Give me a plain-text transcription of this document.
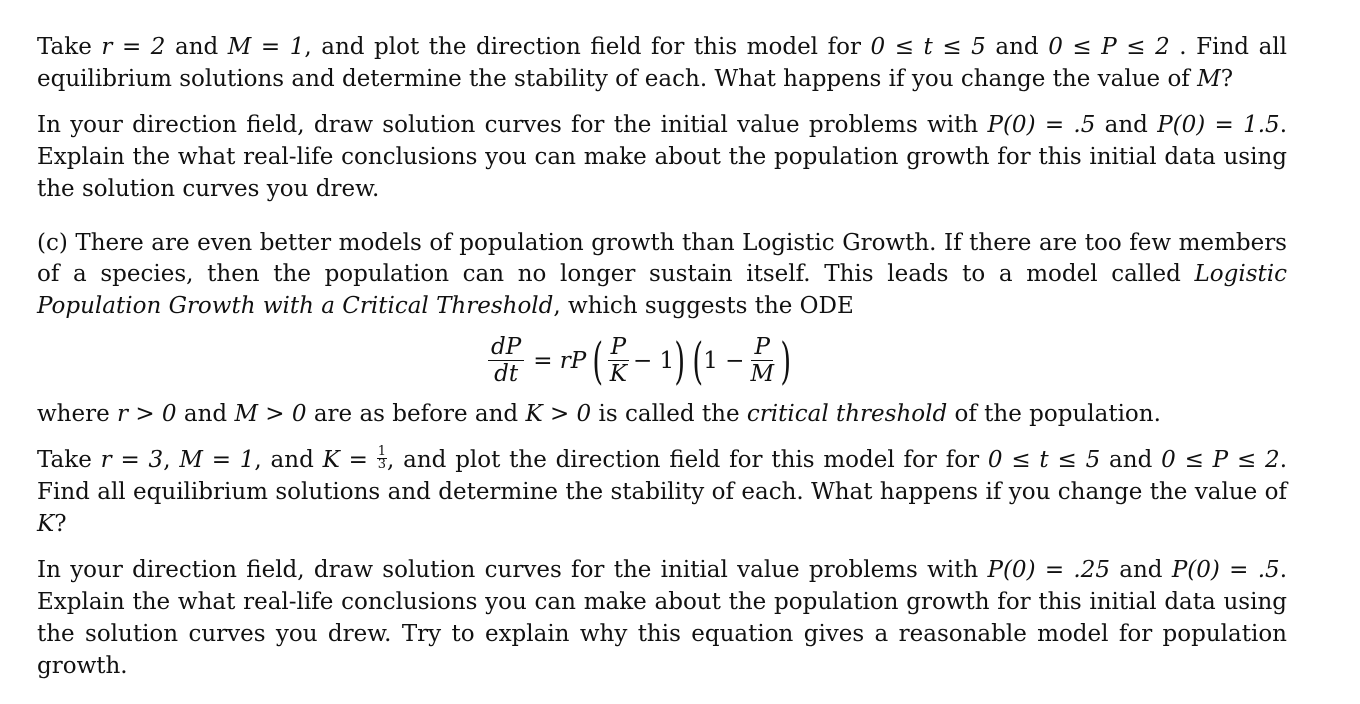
Take r = 2 and M = 1, and plot the direction field for this model for 0 ≤ t ≤ 5 and 0 ≤ P ≤ 2 . Find all equilibrium solutions and determine the stability of each. What happens if you change the value of M?

In your direction field, draw solution curves for the initial value problems with P(0) = .5 and P(0) = 1.5. Explain the what real-life conclusions you can make about the population growth for this initial data using the solution curves you drew.

(c) There are even better models of population growth than Logistic Growth. If there are too few members of a species, then the population can no longer sustain itself. This leads to a model called Logistic Population Growth with a Critical Threshold, which suggests the ODE

$\frac{dP}{dt}$ = rP ( $\frac{P}{K} - 1$ ) ( $1 - \frac{P}{M}$ )

where r > 0 and M > 0 are as before and K > 0 is called the critical threshold of the population.

Take r = 3, M = 1, and $K = \frac{1}{3}$ , and plot the direction field for this model for for 0 ≤ t ≤ 5 and 0 ≤ P ≤ 2. Find all equilibrium solutions and determine the stability of each. What happens if you change the value of K?

In your direction field, draw solution curves for the initial value problems with P(0) = .25 and P(0) = .5. Explain the what real-life conclusions you can make about the population growth for this initial data using the solution curves you drew. Try to explain why this equation gives a reasonable model for population growth.
